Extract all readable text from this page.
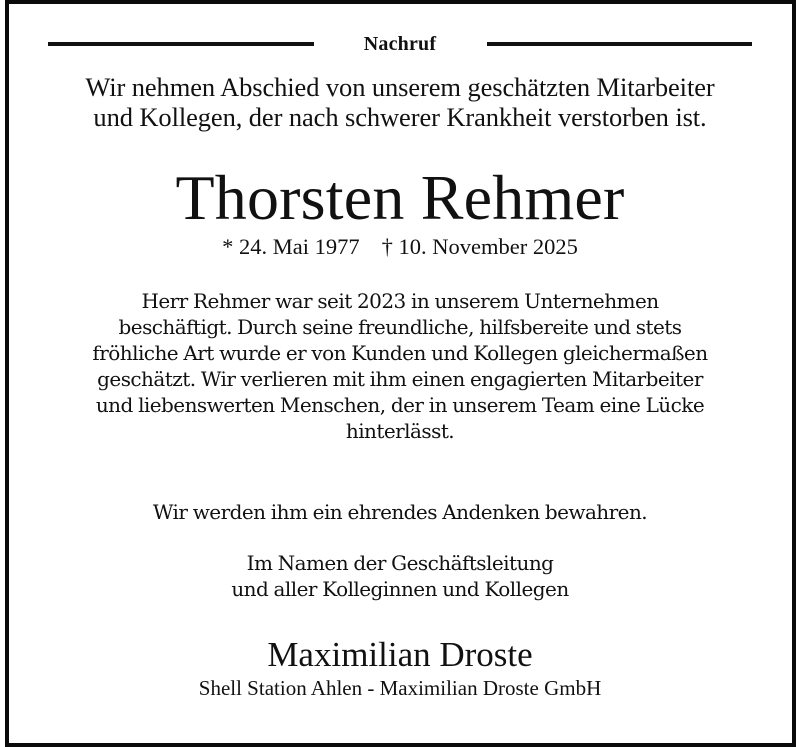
Nachruf
Wir nehmen Abschied von unserem geschätzten Mitarbeiter
und Kollegen, der nach schwerer Krankheit verstorben ist.
Thorsten Rehmer
* 24. Mai 1977 † 10. November 2025
Herr Rehmer war seit 2023 in unserem Unternehmen
beschäftigt. Durch seine freundliche, hilfsbereite und stets
fröhliche Art wurde er von Kunden und Kollegen gleichermaßen
geschätzt. Wir verlieren mit ihm einen engagierten Mitarbeiter
und liebenswerten Menschen, der in unserem Team eine Lücke
hinterlässt.
Wir werden ihm ein ehrendes Andenken bewahren.
Im Namen der Geschäftsleitung
und aller Kolleginnen und Kollegen
Maximilian Droste
Shell Station Ahlen - Maximilian Droste GmbH
